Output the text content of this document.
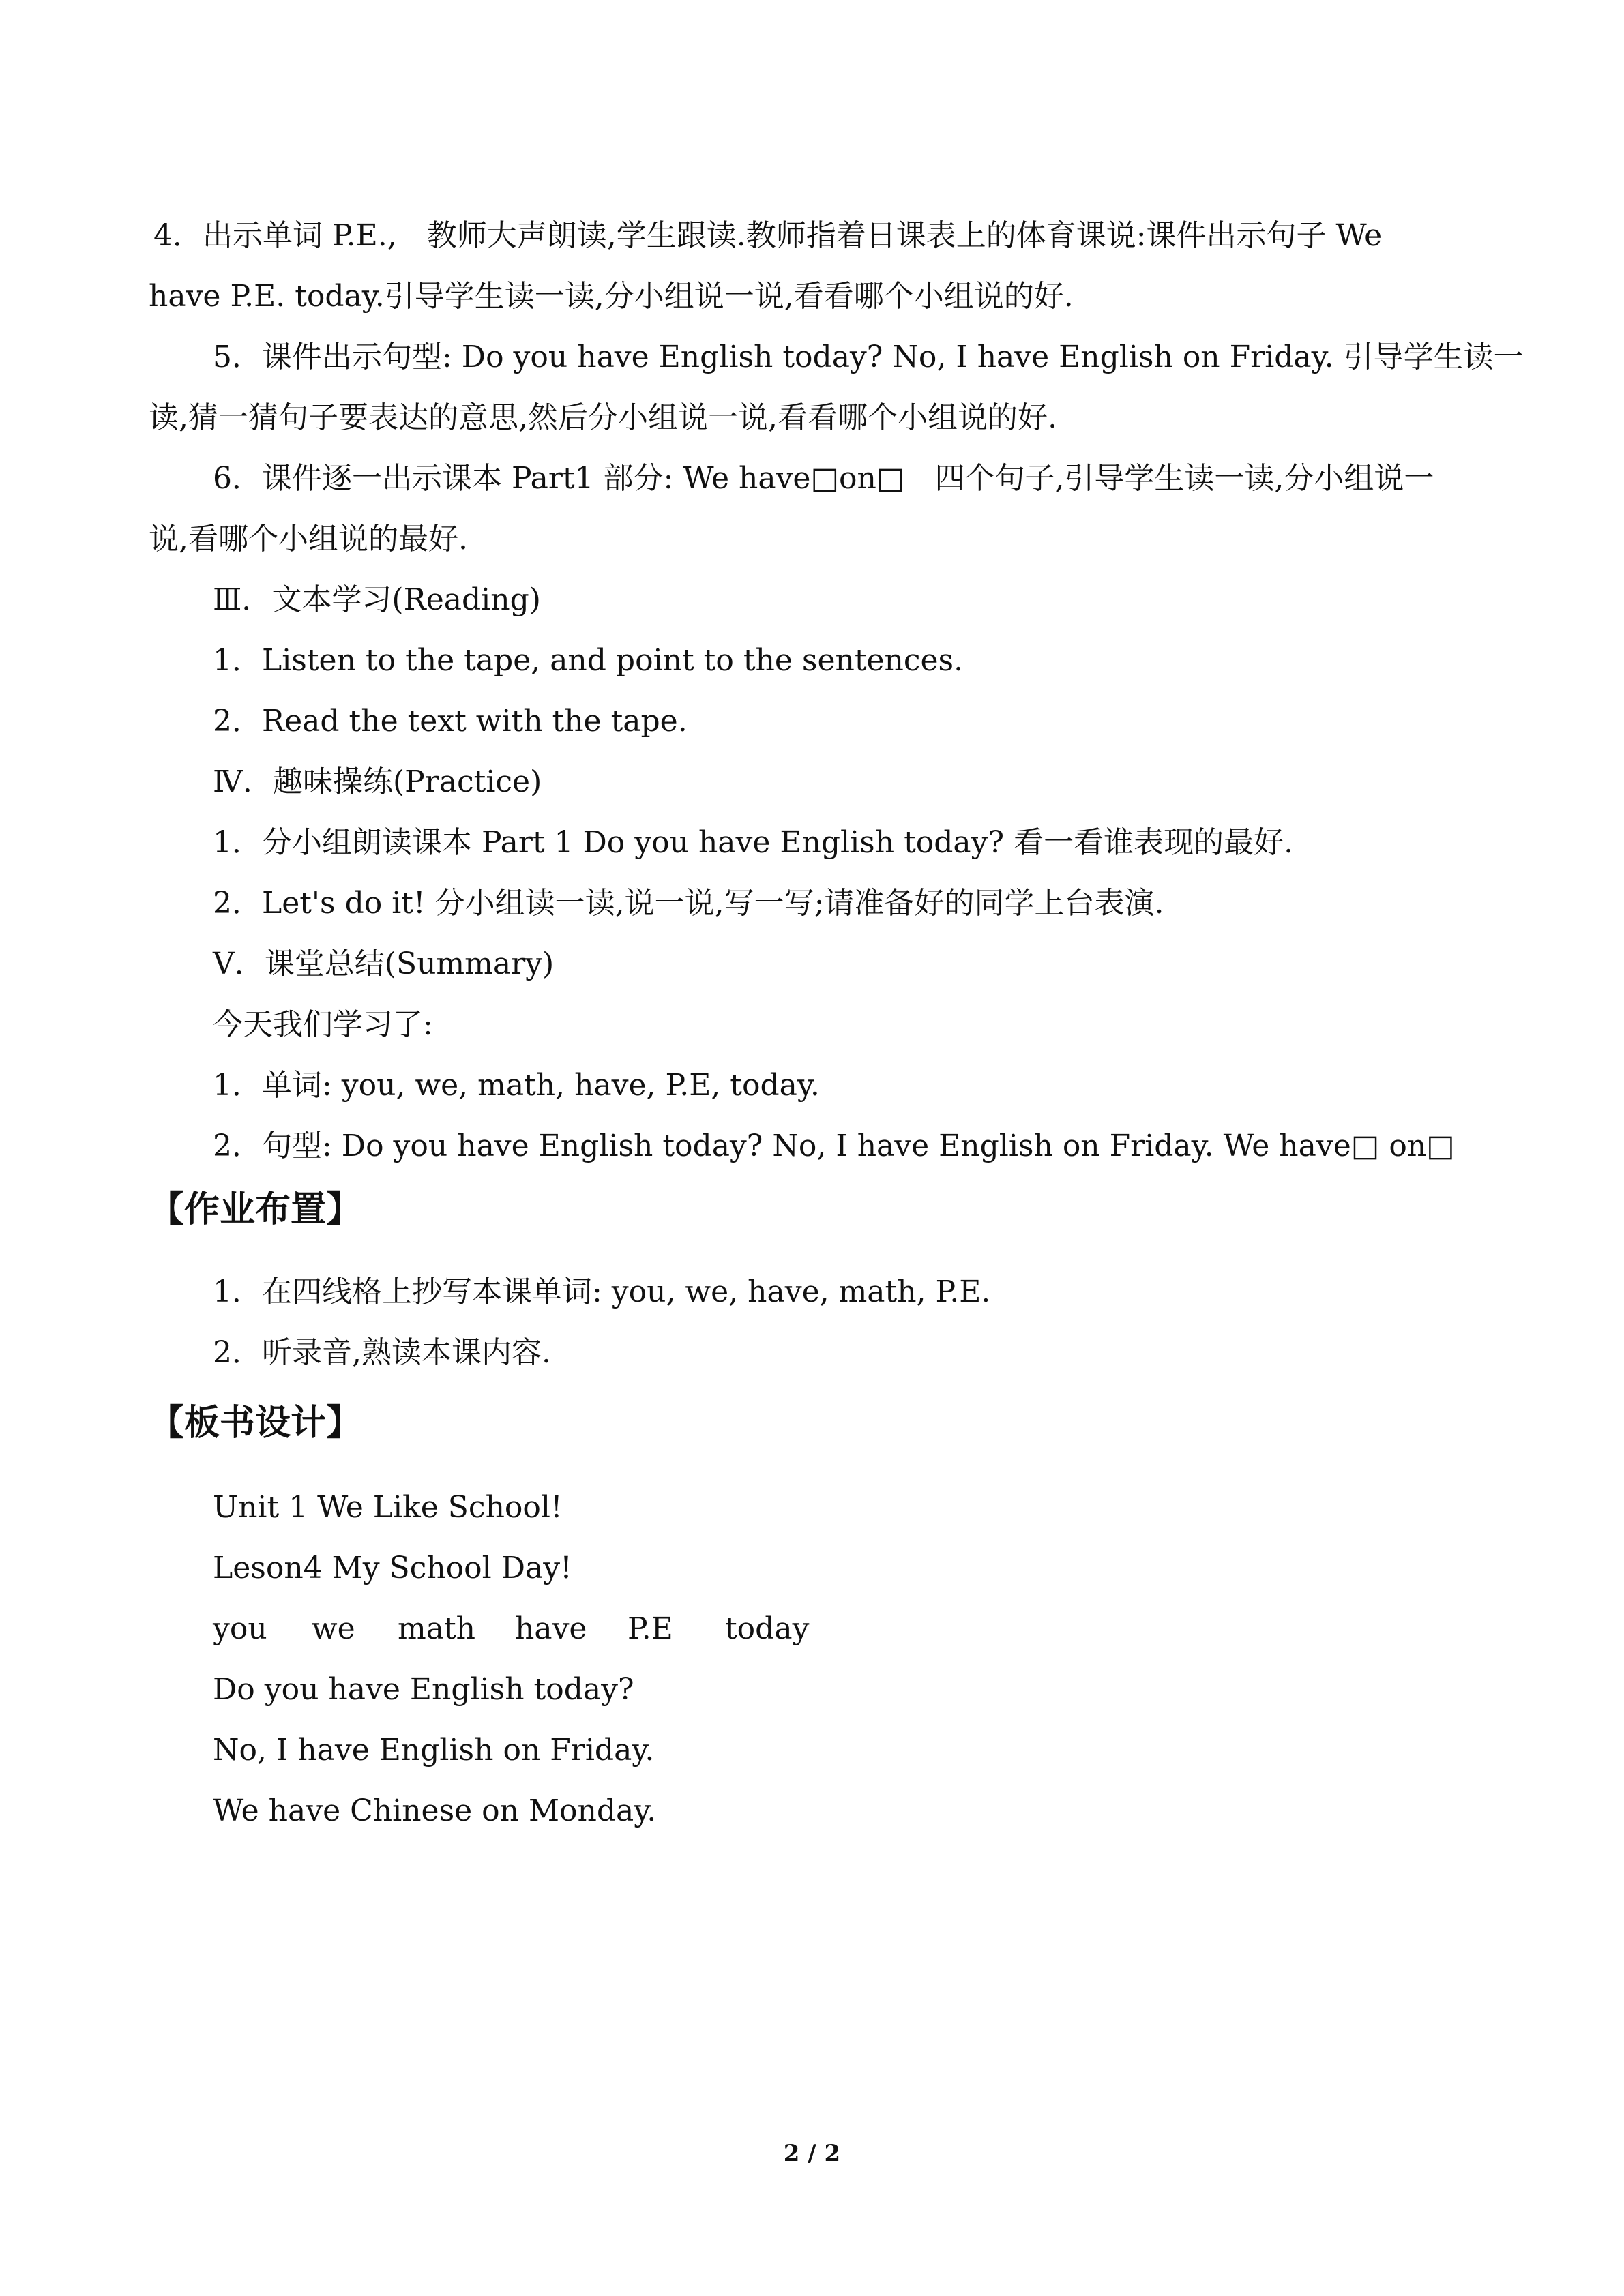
4．出示单词 P.E.,　教师大声朗读,学生跟读.教师指着日课表上的体育课说:课件出示句子 We
have P.E. today.引导学生读一读,分小组说一说,看看哪个小组说的好.
5．课件出示句型: Do you have English today? No, I have English on Friday. 引导学生读一
读,猜一猜句子要表达的意思,然后分小组说一说,看看哪个小组说的好.
6．课件逐一出示课本 Part1 部分: We have□on□　四个句子,引导学生读一读,分小组说一
说,看哪个小组说的最好.
Ⅲ．文本学习(Reading)
1．Listen to the tape, and point to the sentences.
2．Read the text with the tape.
Ⅳ．趣味操练(Practice)
1．分小组朗读课本 Part 1 Do you have English today? 看一看谁表现的最好.
2．Let's do it! 分小组读一读,说一说,写一写;请准备好的同学上台表演.
Ⅴ．课堂总结(Summary)
今天我们学习了:
1．单词: you, we, math, have, P.E, today.
2．句型: Do you have English today? No, I have English on Friday. We have□ on□
【作业布置】
1．在四线格上抄写本课单词: you, we, have, math, P.E.
2．听录音,熟读本课内容.
【板书设计】
Unit 1 We Like School!
Leson4 My School Day!
you we math have P.E today
Do you have English today?
No, I have English on Friday.
We have Chinese on Monday.
2 / 2
